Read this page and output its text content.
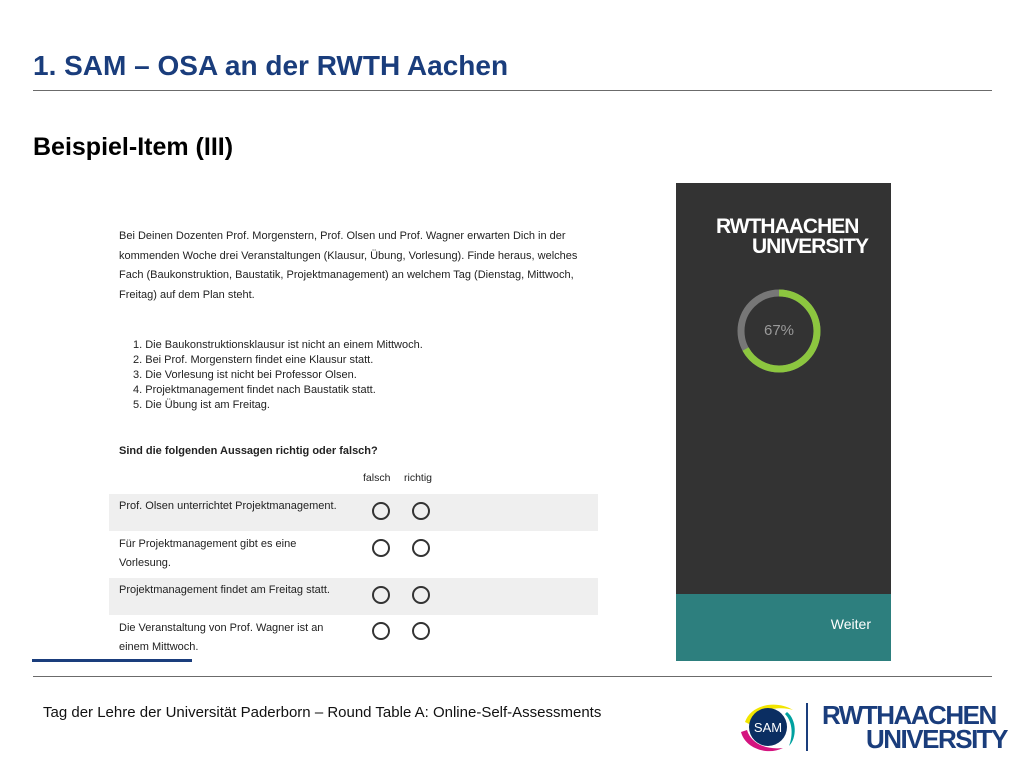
1. SAM – OSA an der RWTH Aachen
Beispiel-Item (III)
Bei Deinen Dozenten Prof. Morgenstern, Prof. Olsen und Prof. Wagner erwarten Dich in der kommenden Woche drei Veranstaltungen (Klausur, Übung, Vorlesung). Finde heraus, welches Fach (Baukonstruktion, Baustatik, Projektmanagement) an welchem Tag (Dienstag, Mittwoch, Freitag) auf dem Plan steht.
1. Die Baukonstruktionsklausur ist nicht an einem Mittwoch.
2. Bei Prof. Morgenstern findet eine Klausur statt.
3. Die Vorlesung ist nicht bei Professor Olsen.
4. Projektmanagement findet nach Baustatik statt.
5. Die Übung ist am Freitag.
Sind die folgenden Aussagen richtig oder falsch?
falsch richtig
Prof. Olsen unterrichtet Projektmanagement.
Für Projektmanagement gibt es eine Vorlesung.
Projektmanagement findet am Freitag statt.
Die Veranstaltung von Prof. Wagner ist an einem Mittwoch.
RWTHAACHEN
UNIVERSITY
67%
Weiter
Tag der Lehre der Universität Paderborn – Round Table A: Online-Self-Assessments
SAM RWTHAACHEN
UNIVERSITY
